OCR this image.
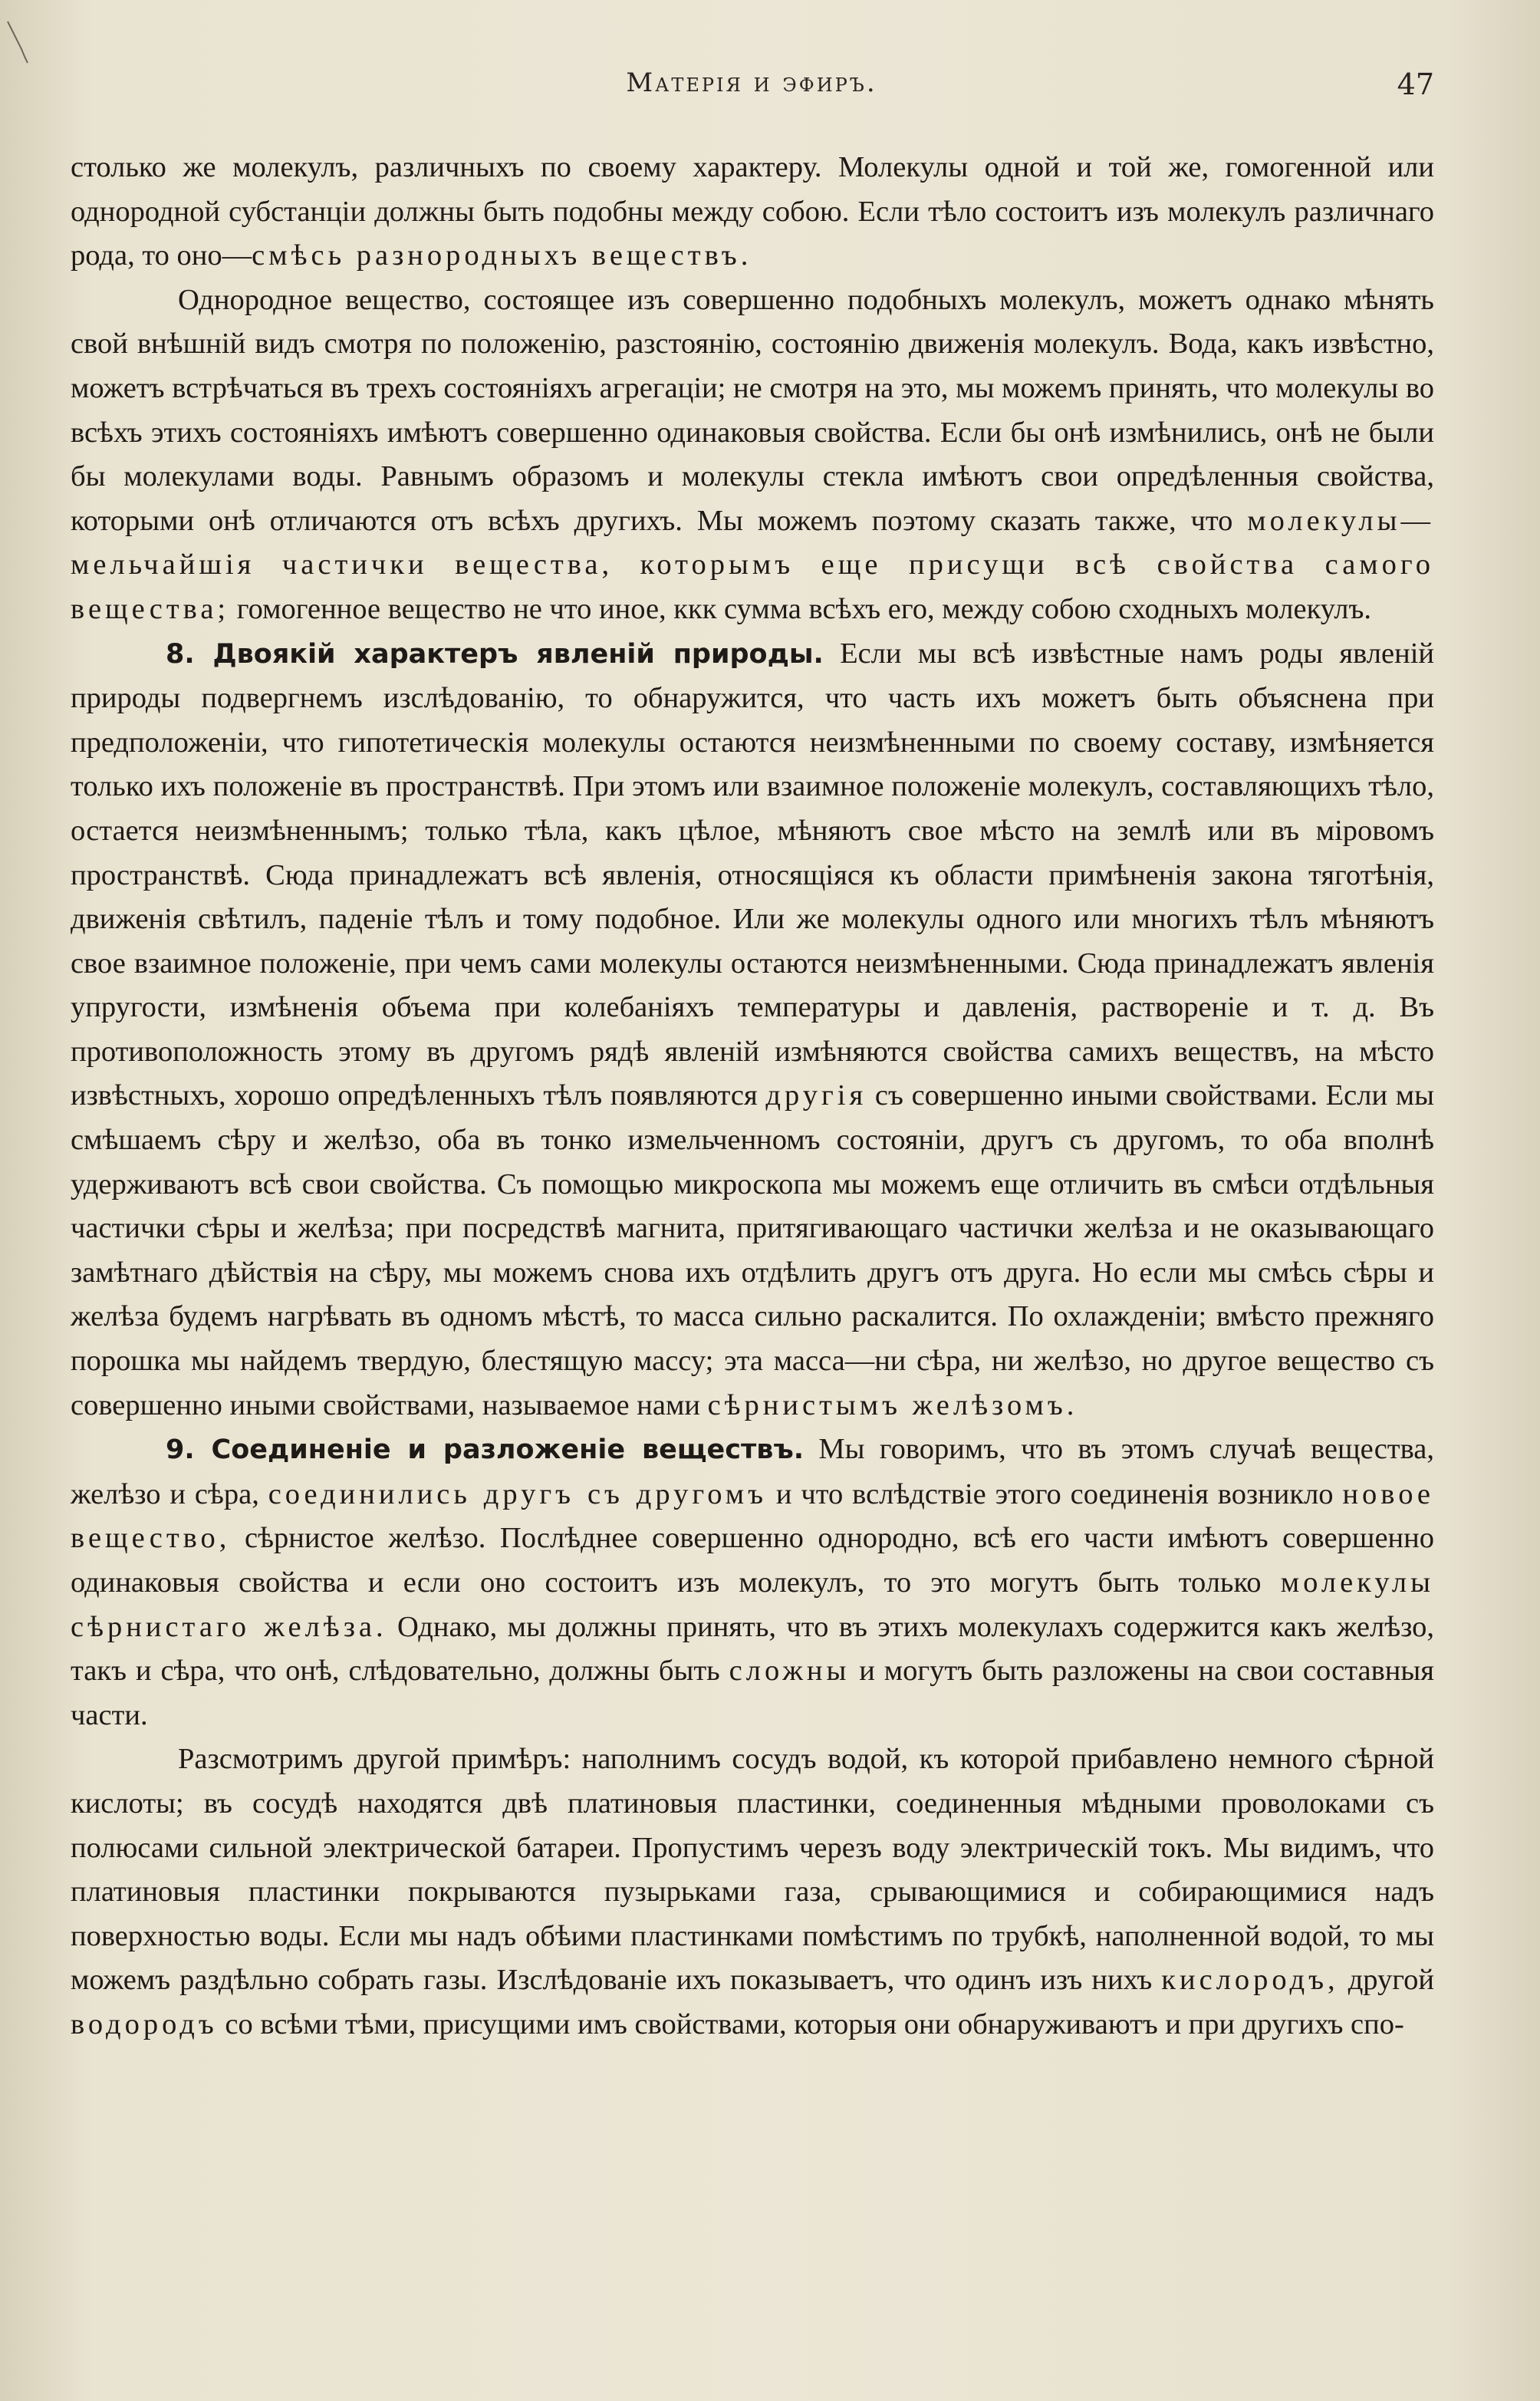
Матерія и эфиръ.	47

столько же молекулъ, различныхъ по своему характеру. Молекулы одной и той же, гомогенной или однородной субстанціи должны быть подобны между собою. Если тѣло состоитъ изъ молекулъ различнаго рода, то оно—смѣсь разнородныхъ веществъ.

Однородное вещество, состоящее изъ совершенно подобныхъ молекулъ, можетъ однако мѣнять свой внѣшній видъ смотря по положенію, разстоянію, состоянію движенія молекулъ. Вода, какъ извѣстно, можетъ встрѣчаться въ трехъ состояніяхъ агрегаціи; не смотря на это, мы можемъ принять, что молекулы во всѣхъ этихъ состояніяхъ имѣютъ совершенно одинаковыя свойства. Если бы онѣ измѣнились, онѣ не были бы молекулами воды. Равнымъ образомъ и молекулы стекла имѣютъ свои опредѣленныя свойства, которыми онѣ отличаются отъ всѣхъ другихъ. Мы можемъ поэтому сказать также, что молекулы—мельчайшія частички вещества, которымъ еще присущи всѣ свойства самого вещества; гомогенное вещество не что иное, ккк сумма всѣхъ его, между собою сходныхъ молекулъ.

8. Двоякій характеръ явленій природы. Если мы всѣ извѣстные намъ роды явленій природы подвергнемъ изслѣдованію, то обнаружится, что часть ихъ можетъ быть объяснена при предположеніи, что гипотетическія молекулы остаются неизмѣненными по своему составу, измѣняется только ихъ положеніе въ пространствѣ. При этомъ или взаимное положеніе молекулъ, составляющихъ тѣло, остается неизмѣненнымъ; только тѣла, какъ цѣлое, мѣняютъ свое мѣсто на землѣ или въ міровомъ пространствѣ. Сюда принадлежатъ всѣ явленія, относящіяся къ области примѣненія закона тяготѣнія, движенія свѣтилъ, паденіе тѣлъ и тому подобное. Или же молекулы одного или многихъ тѣлъ мѣняютъ свое взаимное положеніе, при чемъ сами молекулы остаются неизмѣненными. Сюда принадлежатъ явленія упругости, измѣненія объема при колебаніяхъ температуры и давленія, раствореніе и т. д. Въ противоположность этому въ другомъ рядѣ явленій измѣняются свойства самихъ веществъ, на мѣсто извѣстныхъ, хорошо опредѣленныхъ тѣлъ появляются другія съ совершенно иными свойствами. Если мы смѣшаемъ сѣру и желѣзо, оба въ тонко измельченномъ состояніи, другъ съ другомъ, то оба вполнѣ удерживаютъ всѣ свои свойства. Съ помощью микроскопа мы можемъ еще отличить въ смѣси отдѣльныя частички сѣры и желѣза; при посредствѣ магнита, притягивающаго частички желѣза и не оказывающаго замѣтнаго дѣйствія на сѣру, мы можемъ снова ихъ отдѣлить другъ отъ друга. Но если мы смѣсь сѣры и желѣза будемъ нагрѣвать въ одномъ мѣстѣ, то масса сильно раскалится. По охлажденіи; вмѣсто прежняго порошка мы найдемъ твердую, блестящую массу; эта масса—ни сѣра, ни желѣзо, но другое вещество съ совершенно иными свойствами, называемое нами сѣрнистымъ желѣзомъ.

9. Соединеніе и разложеніе веществъ. Мы говоримъ, что въ этомъ случаѣ вещества, желѣзо и сѣра, соединились другъ съ другомъ и что вслѣдствіе этого соединенія возникло новое вещество, сѣрнистое желѣзо. Послѣднее совершенно однородно, всѣ его части имѣютъ совершенно одинаковыя свойства и если оно состоитъ изъ молекулъ, то это могутъ быть только молекулы сѣрнистаго желѣза. Однако, мы должны принять, что въ этихъ молекулахъ содержится какъ желѣзо, такъ и сѣра, что онѣ, слѣдовательно, должны быть сложны и могутъ быть разложены на свои составныя части.

Разсмотримъ другой примѣръ: наполнимъ сосудъ водой, къ которой прибавлено немного сѣрной кислоты; въ сосудѣ находятся двѣ платиновыя пластинки, соединенныя мѣдными проволоками съ полюсами сильной электрической батареи. Пропустимъ черезъ воду электрическій токъ. Мы видимъ, что платиновыя пластинки покрываются пузырьками газа, срывающимися и собирающимися надъ поверхностью воды. Если мы надъ обѣими пластинками помѣстимъ по трубкѣ, наполненной водой, то мы можемъ раздѣльно собрать газы. Изслѣдованіе ихъ показываетъ, что одинъ изъ нихъ кислородъ, другой водородъ со всѣми тѣми, присущими имъ свойствами, которыя они обнаруживаютъ и при другихъ спо-
